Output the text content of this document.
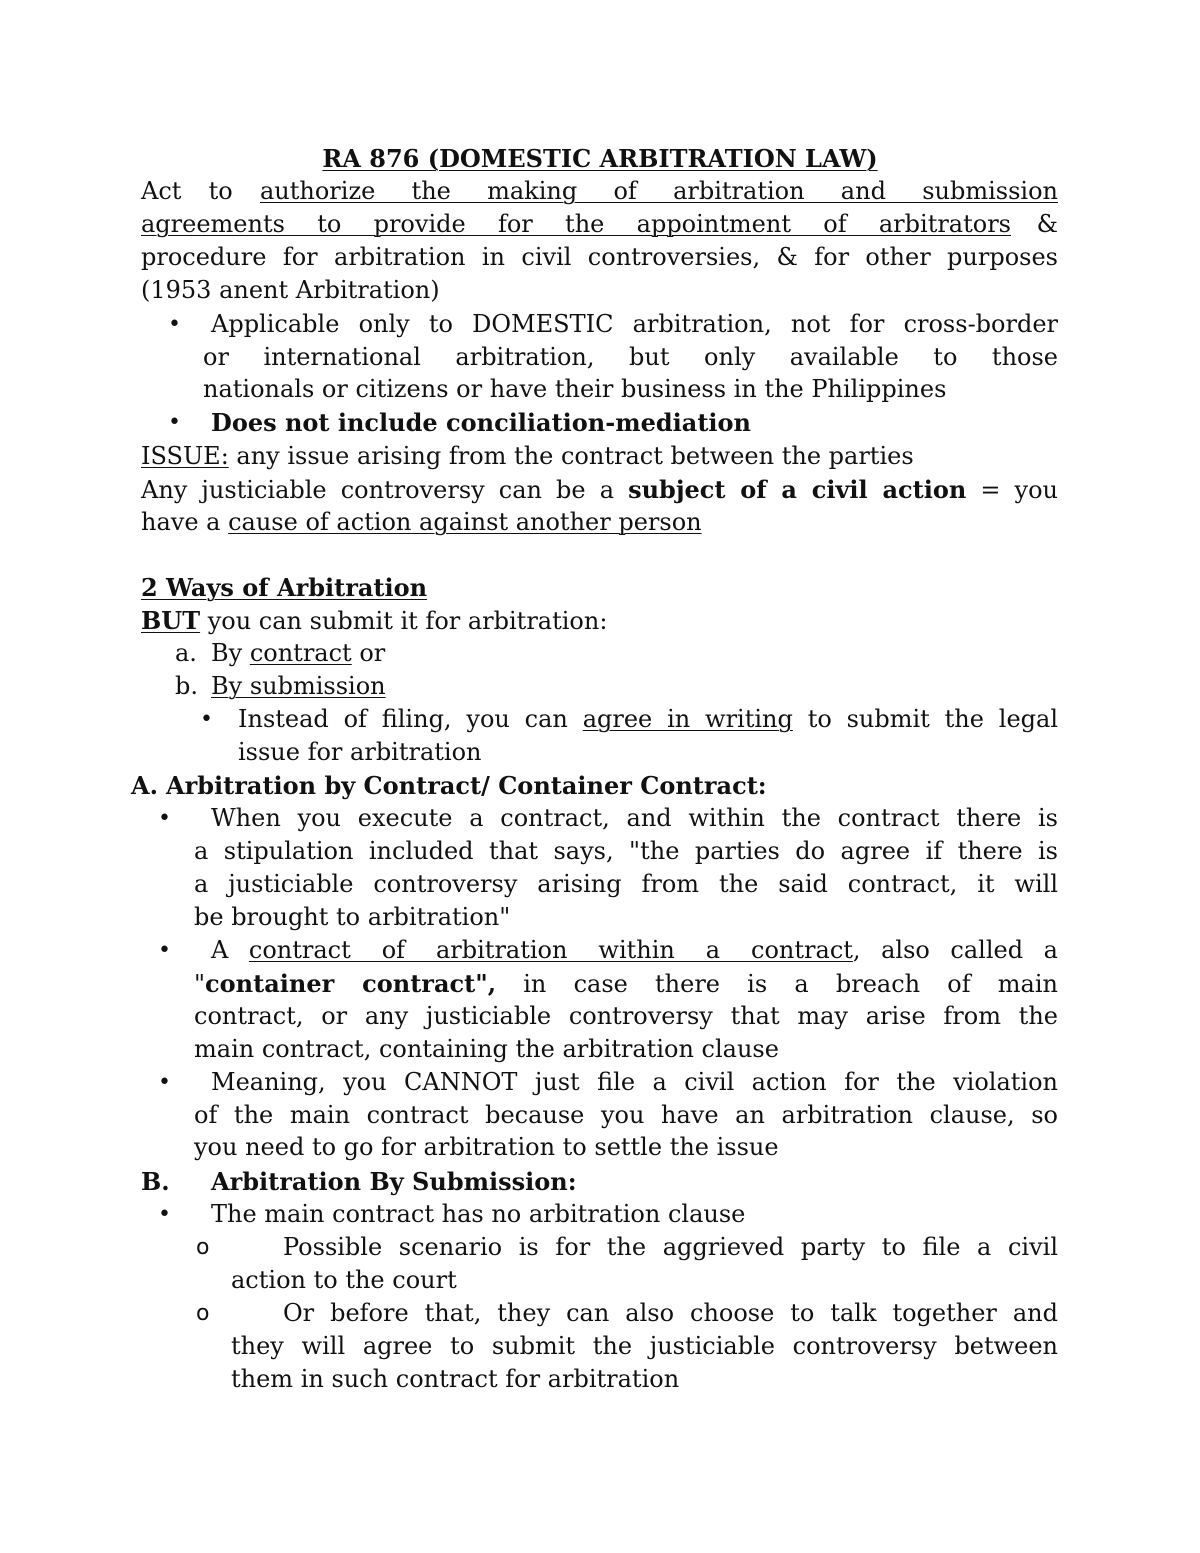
RA 876 (DOMESTIC ARBITRATION LAW)
Act to authorize the making of arbitration and submission
agreements to provide for the appointment of arbitrators &
procedure for arbitration in civil controversies, & for other purposes
(1953 anent Arbitration)
• Applicable only to DOMESTIC arbitration, not for cross-border
or international arbitration, but only available to those
nationals or citizens or have their business in the Philippines
• Does not include conciliation-mediation
ISSUE: any issue arising from the contract between the parties
Any justiciable controversy can be a subject of a civil action = you
have a cause of action against another person
2 Ways of Arbitration
BUT you can submit it for arbitration:
a. By contract or
b. By submission
• Instead of filing, you can agree in writing to submit the legal
issue for arbitration
A. Arbitration by Contract/ Container Contract:
• When you execute a contract, and within the contract there is
a stipulation included that says, "the parties do agree if there is
a justiciable controversy arising from the said contract, it will
be brought to arbitration"
• A contract of arbitration within a contract, also called a
"container contract", in case there is a breach of main
contract, or any justiciable controversy that may arise from the
main contract, containing the arbitration clause
• Meaning, you CANNOT just file a civil action for the violation
of the main contract because you have an arbitration clause, so
you need to go for arbitration to settle the issue
B. Arbitration By Submission:
• The main contract has no arbitration clause
o	Possible scenario is for the aggrieved party to file a civil
action to the court
o	Or before that, they can also choose to talk together and
they will agree to submit the justiciable controversy between
them in such contract for arbitration
